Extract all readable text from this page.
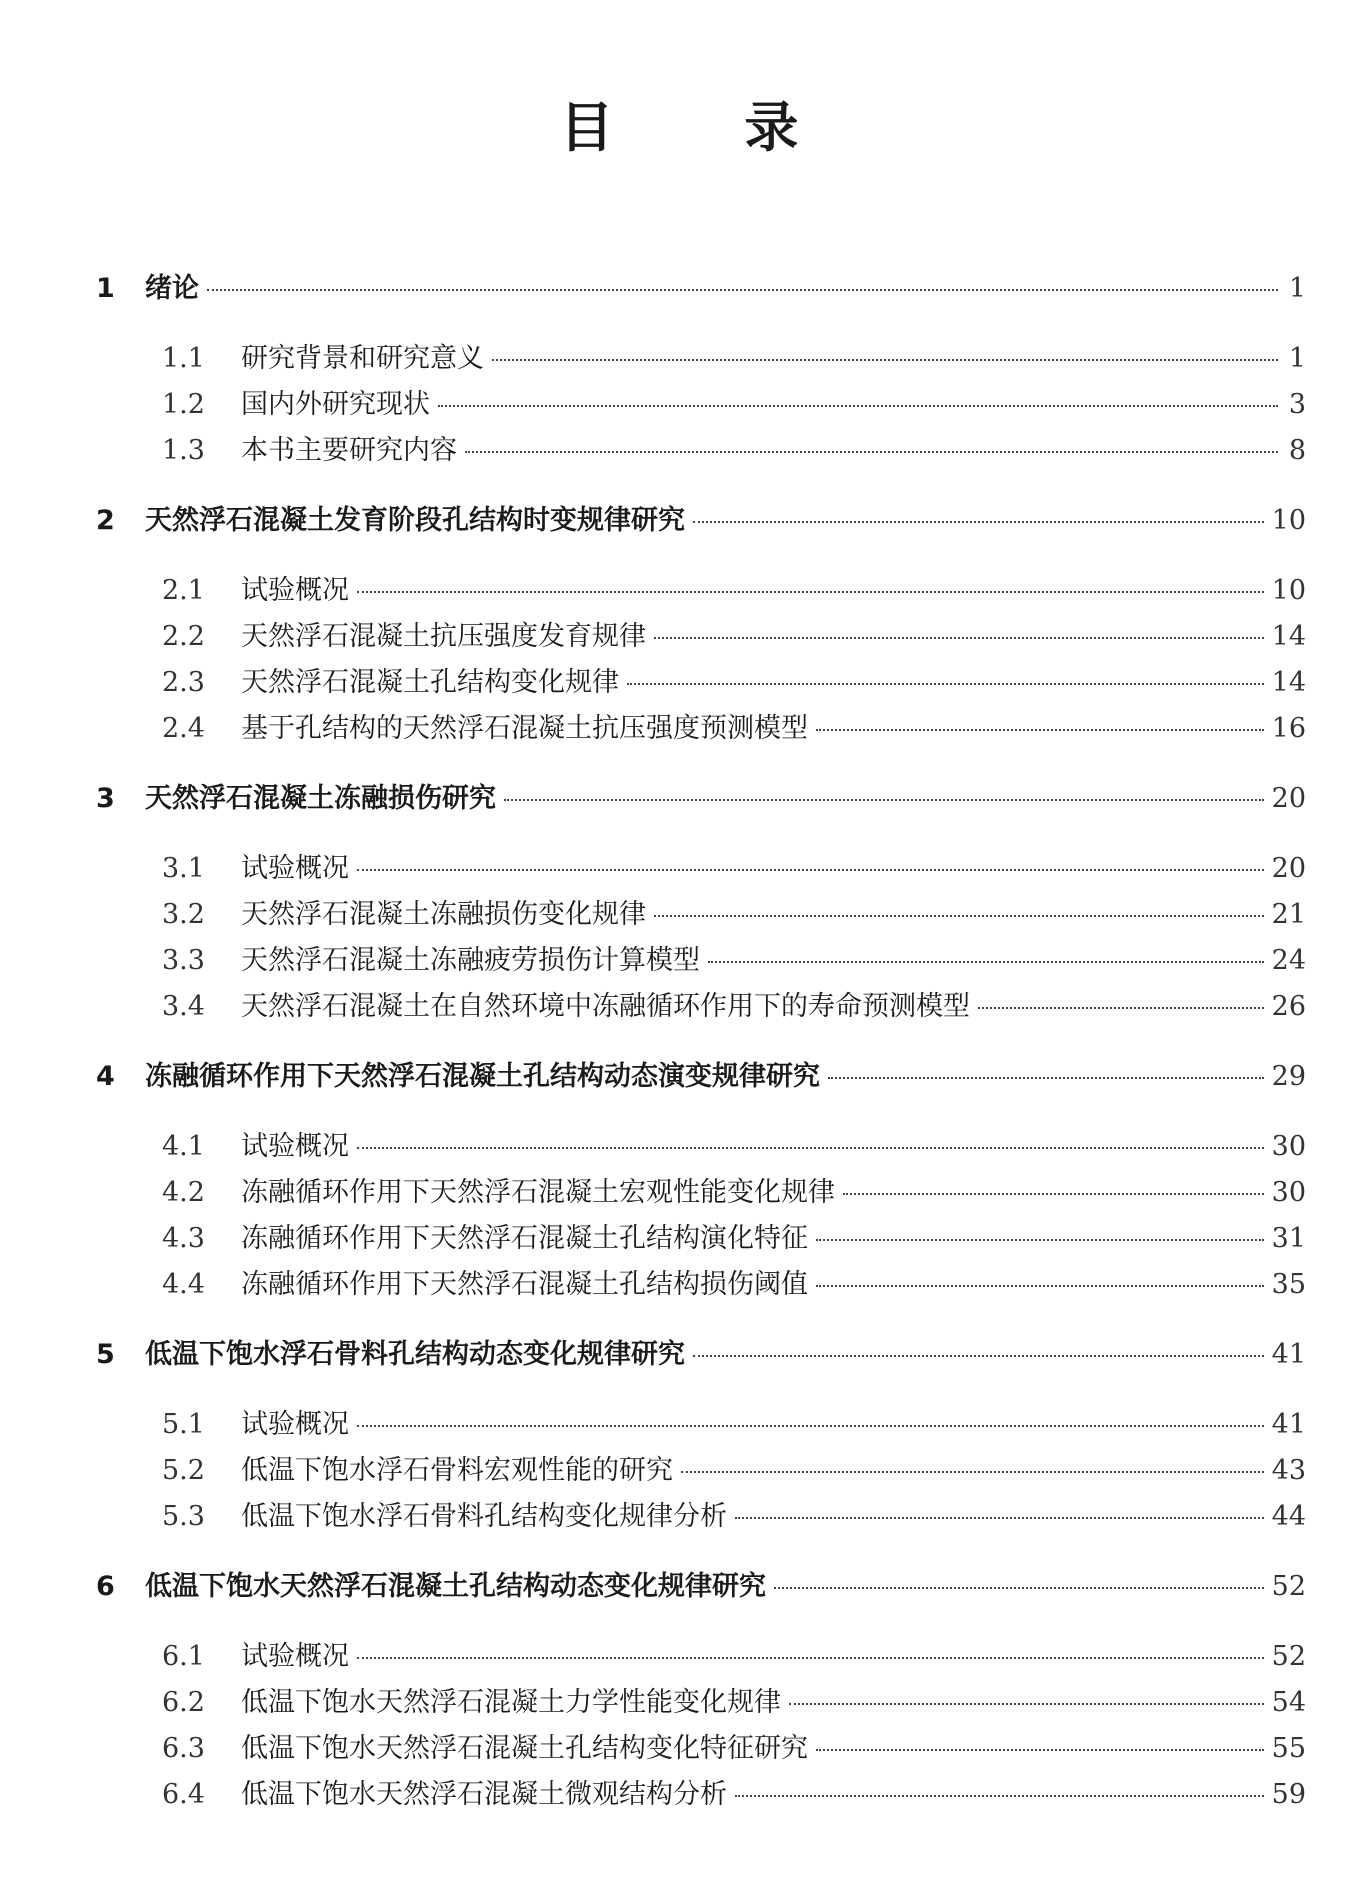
目 录
1	绪论	1
1.1	研究背景和研究意义	1
1.2	国内外研究现状	3
1.3	本书主要研究内容	8
2	天然浮石混凝土发育阶段孔结构时变规律研究	10
2.1	试验概况	10
2.2	天然浮石混凝土抗压强度发育规律	14
2.3	天然浮石混凝土孔结构变化规律	14
2.4	基于孔结构的天然浮石混凝土抗压强度预测模型	16
3	天然浮石混凝土冻融损伤研究	20
3.1	试验概况	20
3.2	天然浮石混凝土冻融损伤变化规律	21
3.3	天然浮石混凝土冻融疲劳损伤计算模型	24
3.4	天然浮石混凝土在自然环境中冻融循环作用下的寿命预测模型	26
4	冻融循环作用下天然浮石混凝土孔结构动态演变规律研究	29
4.1	试验概况	30
4.2	冻融循环作用下天然浮石混凝土宏观性能变化规律	30
4.3	冻融循环作用下天然浮石混凝土孔结构演化特征	31
4.4	冻融循环作用下天然浮石混凝土孔结构损伤阈值	35
5	低温下饱水浮石骨料孔结构动态变化规律研究	41
5.1	试验概况	41
5.2	低温下饱水浮石骨料宏观性能的研究	43
5.3	低温下饱水浮石骨料孔结构变化规律分析	44
6	低温下饱水天然浮石混凝土孔结构动态变化规律研究	52
6.1	试验概况	52
6.2	低温下饱水天然浮石混凝土力学性能变化规律	54
6.3	低温下饱水天然浮石混凝土孔结构变化特征研究	55
6.4	低温下饱水天然浮石混凝土微观结构分析	59
